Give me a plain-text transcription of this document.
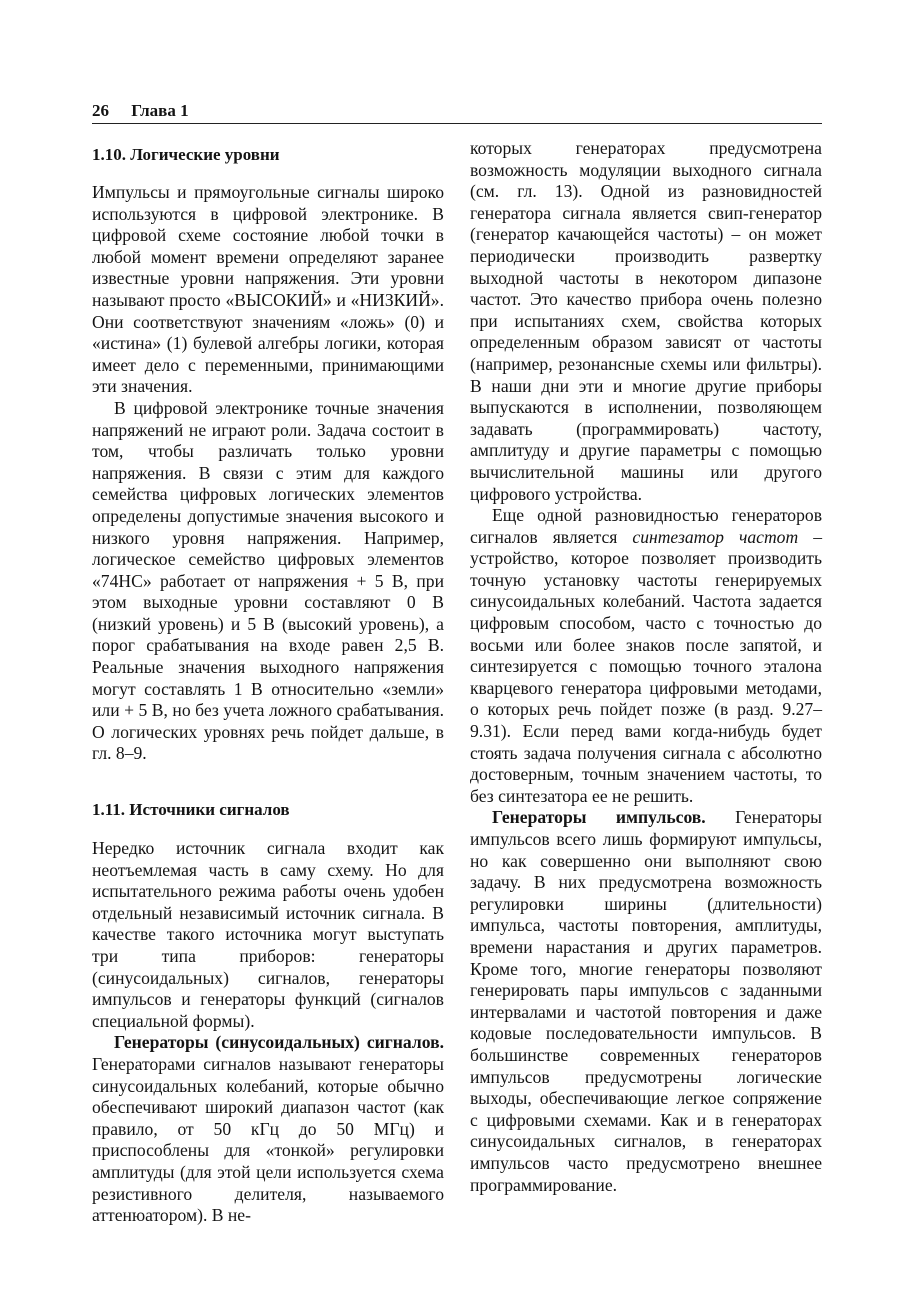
26 Глава 1
1.10. Логические уровни

Импульсы и прямоугольные сигналы широко используются в цифровой электронике. В цифровой схеме состояние любой точки в любой момент времени определяют заранее известные уровни напряжения. Эти уровни называют просто «ВЫСОКИЙ» и «НИЗКИЙ». Они соответствуют значениям «ложь» (0) и «истина» (1) булевой алгебры логики, которая имеет дело с переменными, принимающими эти значения.

В цифровой электронике точные значения напряжений не играют роли. Задача состоит в том, чтобы различать только уровни напряжения. В связи с этим для каждого семейства цифровых логических элементов определены допустимые значения высокого и низкого уровня напряжения. Например, логическое семейство цифровых элементов «74НС» работает от напряжения + 5 В, при этом выходные уровни составляют 0 В (низкий уровень) и 5 В (высокий уровень), а порог срабатывания на входе равен 2,5 В. Реальные значения выходного напряжения могут составлять 1 В относительно «земли» или + 5 В, но без учета ложного срабатывания. О логических уровнях речь пойдет дальше, в гл. 8–9.

1.11. Источники сигналов

Нередко источник сигнала входит как неотъемлемая часть в саму схему. Но для испытательного режима работы очень удобен отдельный независимый источник сигнала. В качестве такого источника могут выступать три типа приборов: генераторы (синусоидальных) сигналов, генераторы импульсов и генераторы функций (сигналов специальной формы).

Генераторы (синусоидальных) сигналов. Генераторами сигналов называют генераторы синусоидальных колебаний, которые обычно обеспечивают широкий диапазон частот (как правило, от 50 кГц до 50 МГц) и приспособлены для «тонкой» регулировки амплитуды (для этой цели используется схема резистивного делителя, называемого аттенюатором). В не-

которых генераторах предусмотрена возможность модуляции выходного сигнала (см. гл. 13). Одной из разновидностей генератора сигнала является свип-генератор (генератор качающейся частоты) – он может периодически производить развертку выходной частоты в некотором дипазоне частот. Это качество прибора очень полезно при испытаниях схем, свойства которых определенным образом зависят от частоты (например, резонансные схемы или фильтры). В наши дни эти и многие другие приборы выпускаются в исполнении, позволяющем задавать (программировать) частоту, амплитуду и другие параметры с помощью вычислительной машины или другого цифрового устройства.

Еще одной разновидностью генераторов сигналов является синтезатор частот – устройство, которое позволяет производить точную установку частоты генерируемых синусоидальных колебаний. Частота задается цифровым способом, часто с точностью до восьми или более знаков после запятой, и синтезируется с помощью точного эталона кварцевого генератора цифровыми методами, о которых речь пойдет позже (в разд. 9.27–9.31). Если перед вами когда-нибудь будет стоять задача получения сигнала с абсолютно достоверным, точным значением частоты, то без синтезатора ее не решить.

Генераторы импульсов. Генераторы импульсов всего лишь формируют импульсы, но как совершенно они выполняют свою задачу. В них предусмотрена возможность регулировки ширины (длительности) импульса, частоты повторения, амплитуды, времени нарастания и других параметров. Кроме того, многие генераторы позволяют генерировать пары импульсов с заданными интервалами и частотой повторения и даже кодовые последовательности импульсов. В большинстве современных генераторов импульсов предусмотрены логические выходы, обеспечивающие легкое сопряжение с цифровыми схемами. Как и в генераторах синусоидальных сигналов, в генераторах импульсов часто предусмотрено внешнее программирование.
